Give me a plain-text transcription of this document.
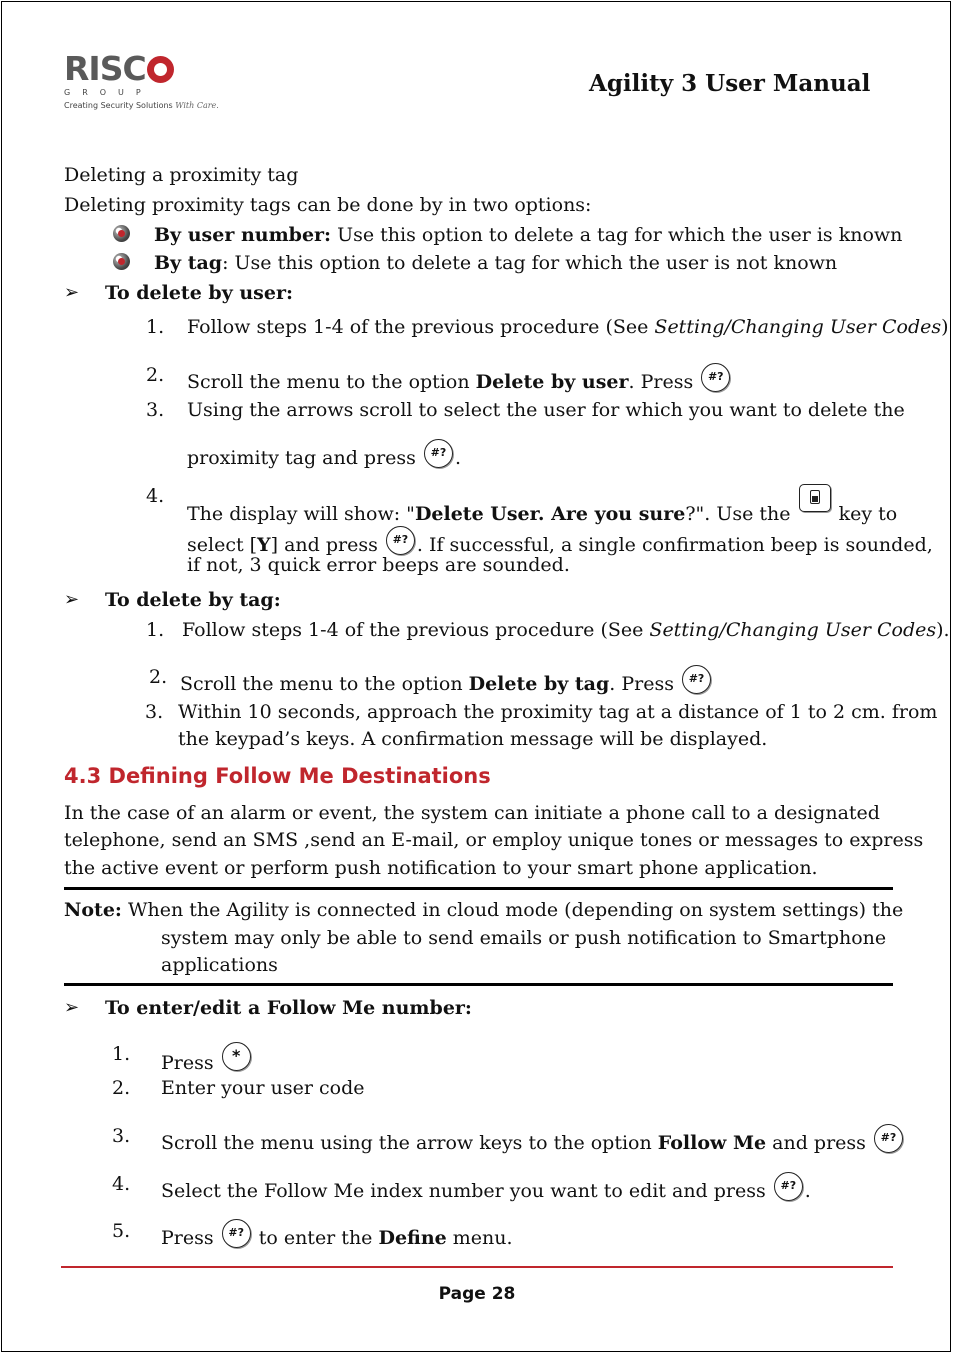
RISC
GROUP
Creating Security Solutions With Care.
Agility 3 User Manual
Deleting a proximity tag
Deleting proximity tags can be done by in two options:
By user number: Use this option to delete a tag for which the user is known
By tag: Use this option to delete a tag for which the user is not known
➢ To delete by user:
1. Follow steps 1-4 of the previous procedure (See Setting/Changing User Codes)
2. Scroll the menu to the option Delete by user. Press #?
3. Using the arrows scroll to select the user for which you want to delete the
proximity tag and press #? .
4.
The display will show: "Delete User. Are you sure?". Use the	key to
select [Y] and press #? . If successful, a single confirmation beep is sounded,
if not, 3 quick error beeps are sounded.
➢ To delete by tag:
1. Follow steps 1-4 of the previous procedure (See Setting/Changing User Codes).
2. Scroll the menu to the option Delete by tag. Press #?
3. Within 10 seconds, approach the proximity tag at a distance of 1 to 2 cm. from
the keypad’s keys. A confirmation message will be displayed.
4.3 Defining Follow Me Destinations
In the case of an alarm or event, the system can initiate a phone call to a designated
telephone, send an SMS ,send an E-mail, or employ unique tones or messages to express
the active event or perform push notification to your smart phone application.
Note: When the Agility is connected in cloud mode (depending on system settings) the
system may only be able to send emails or push notification to Smartphone
applications
➢ To enter/edit a Follow Me number:
1. Press *
2. Enter your user code
3. Scroll the menu using the arrow keys to the option Follow Me and press #?
4. Select the Follow Me index number you want to edit and press #? .
5. Press #? to enter the Define menu.
Page 28
